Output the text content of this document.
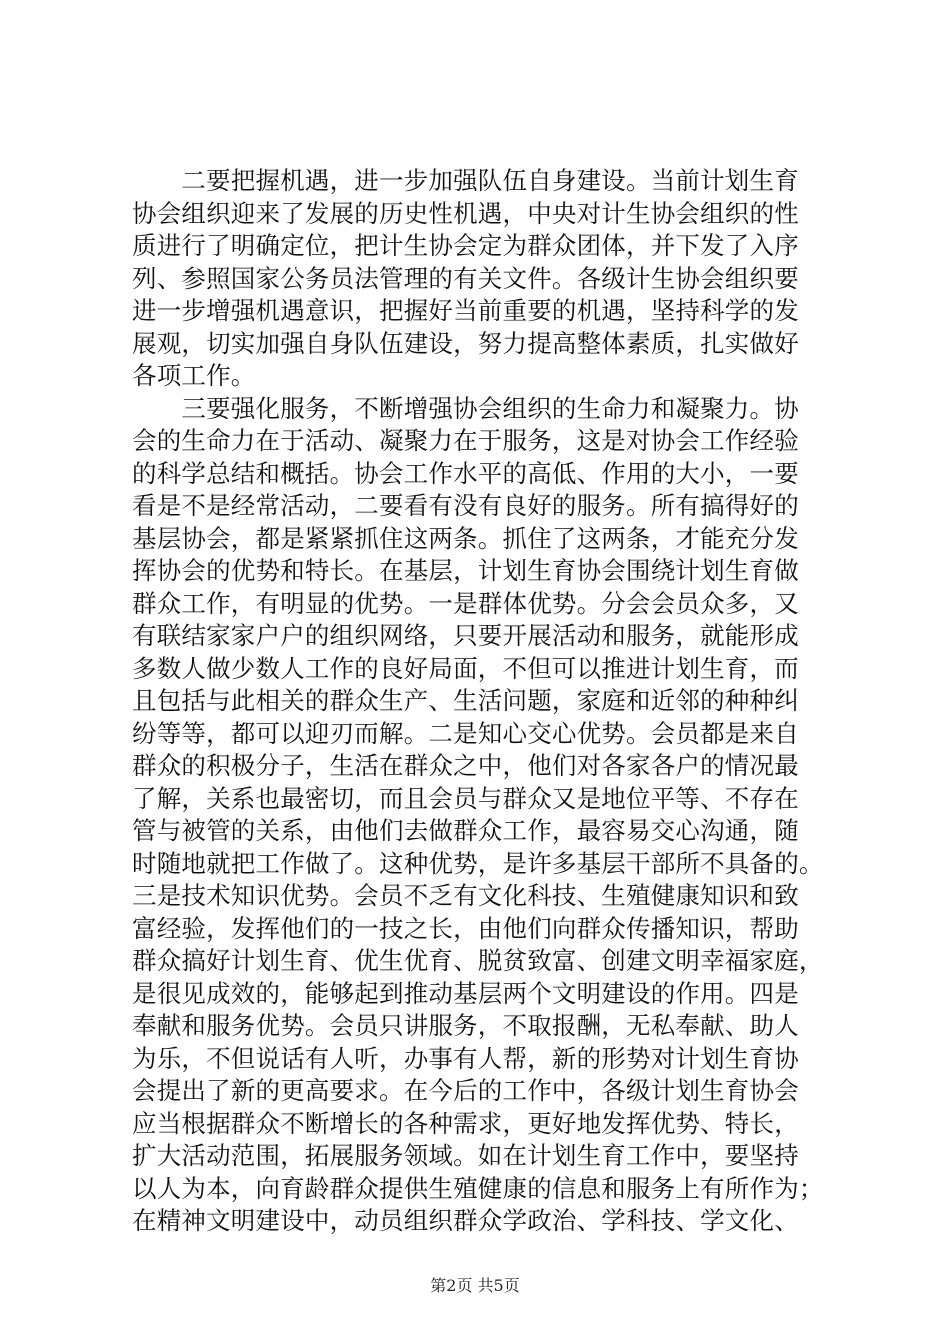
　　二要把握机遇，进一步加强队伍自身建设。当前计划生育
协会组织迎来了发展的历史性机遇，中央对计生协会组织的性
质进行了明确定位，把计生协会定为群众团体，并下发了入序
列、参照国家公务员法管理的有关文件。各级计生协会组织要
进一步增强机遇意识，把握好当前重要的机遇，坚持科学的发
展观，切实加强自身队伍建设，努力提高整体素质，扎实做好
各项工作。
　　三要强化服务，不断增强协会组织的生命力和凝聚力。协
会的生命力在于活动、凝聚力在于服务，这是对协会工作经验
的科学总结和概括。协会工作水平的高低、作用的大小，一要
看是不是经常活动，二要看有没有良好的服务。所有搞得好的
基层协会，都是紧紧抓住这两条。抓住了这两条，才能充分发
挥协会的优势和特长。在基层，计划生育协会围绕计划生育做
群众工作，有明显的优势。一是群体优势。分会会员众多，又
有联结家家户户的组织网络，只要开展活动和服务，就能形成
多数人做少数人工作的良好局面，不但可以推进计划生育，而
且包括与此相关的群众生产、生活问题，家庭和近邻的种种纠
纷等等，都可以迎刃而解。二是知心交心优势。会员都是来自
群众的积极分子，生活在群众之中，他们对各家各户的情况最
了解，关系也最密切，而且会员与群众又是地位平等、不存在
管与被管的关系，由他们去做群众工作，最容易交心沟通，随
时随地就把工作做了。这种优势，是许多基层干部所不具备的。
三是技术知识优势。会员不乏有文化科技、生殖健康知识和致
富经验，发挥他们的一技之长，由他们向群众传播知识，帮助
群众搞好计划生育、优生优育、脱贫致富、创建文明幸福家庭，
是很见成效的，能够起到推动基层两个文明建设的作用。四是
奉献和服务优势。会员只讲服务，不取报酬，无私奉献、助人
为乐，不但说话有人听，办事有人帮，新的形势对计划生育协
会提出了新的更高要求。在今后的工作中，各级计划生育协会
应当根据群众不断增长的各种需求，更好地发挥优势、特长，
扩大活动范围，拓展服务领域。如在计划生育工作中，要坚持
以人为本，向育龄群众提供生殖健康的信息和服务上有所作为；
在精神文明建设中，动员组织群众学政治、学科技、学文化、
第2页 共5页
